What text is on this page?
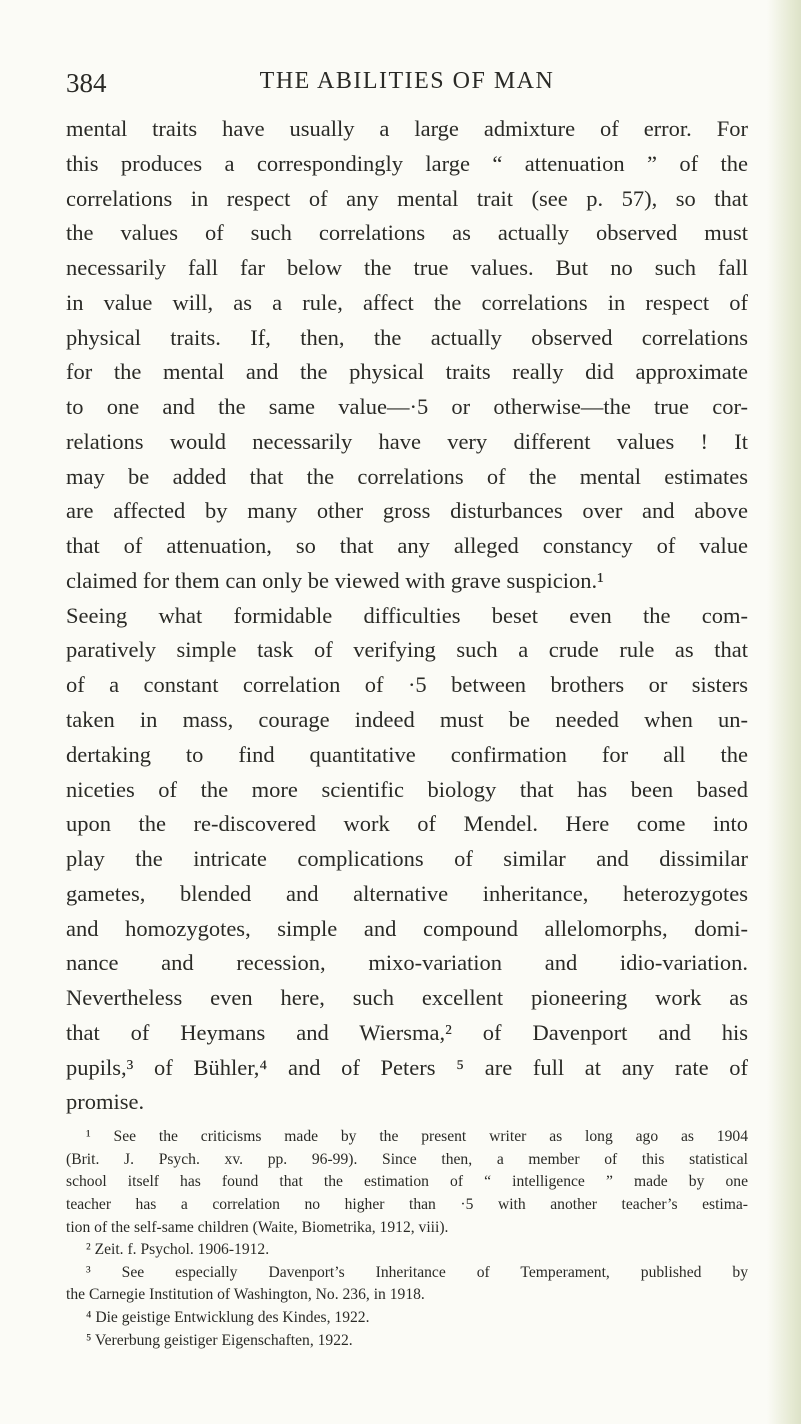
384	THE ABILITIES OF MAN
mental traits have usually a large admixture of error. For
this produces a correspondingly large “ attenuation ” of the
correlations in respect of any mental trait (see p. 57), so that
the values of such correlations as actually observed must
necessarily fall far below the true values. But no such fall
in value will, as a rule, affect the correlations in respect of
physical traits. If, then, the actually observed correlations
for the mental and the physical traits really did approximate
to one and the same value—·5 or otherwise—the true cor-
relations would necessarily have very different values ! It
may be added that the correlations of the mental estimates
are affected by many other gross disturbances over and above
that of attenuation, so that any alleged constancy of value
claimed for them can only be viewed with grave suspicion.¹
Seeing what formidable difficulties beset even the com-
paratively simple task of verifying such a crude rule as that
of a constant correlation of ·5 between brothers or sisters
taken in mass, courage indeed must be needed when un-
dertaking to find quantitative confirmation for all the
niceties of the more scientific biology that has been based
upon the re-discovered work of Mendel. Here come into
play the intricate complications of similar and dissimilar
gametes, blended and alternative inheritance, heterozygotes
and homozygotes, simple and compound allelomorphs, domi-
nance and recession, mixo-variation and idio-variation.
Nevertheless even here, such excellent pioneering work as
that of Heymans and Wiersma,² of Davenport and his
pupils,³ of Bühler,⁴ and of Peters ⁵ are full at any rate of
promise.
¹ See the criticisms made by the present writer as long ago as 1904
(Brit. J. Psych. xv. pp. 96-99). Since then, a member of this statistical
school itself has found that the estimation of “ intelligence ” made by one
teacher has a correlation no higher than ·5 with another teacher’s estima-
tion of the self-same children (Waite, Biometrika, 1912, viii).
² Zeit. f. Psychol. 1906-1912.
³ See especially Davenport’s Inheritance of Temperament, published by
the Carnegie Institution of Washington, No. 236, in 1918.
⁴ Die geistige Entwicklung des Kindes, 1922.
⁵ Vererbung geistiger Eigenschaften, 1922.
